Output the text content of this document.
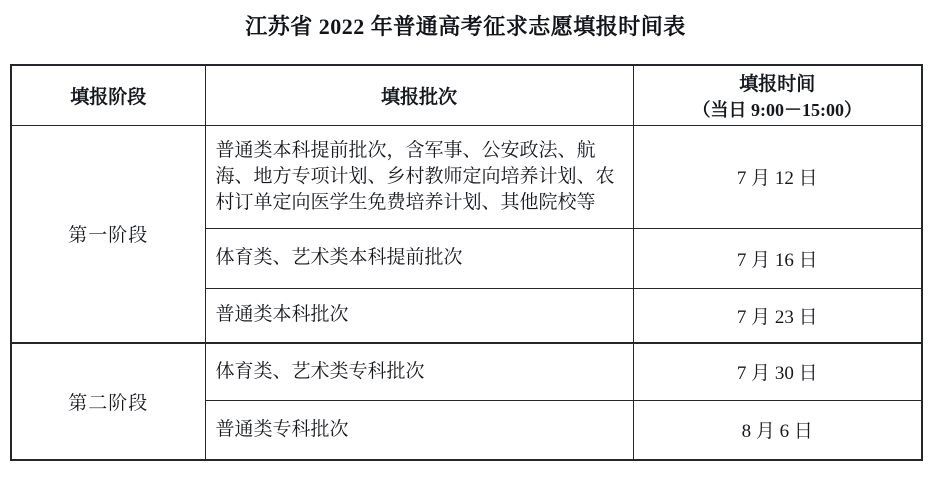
江苏省 2022 年普通高考征求志愿填报时间表
填报阶段	填报批次	填报时间
（当日 9:00－15:00）

第一阶段	普通类本科提前批次，含军事、公安政法、航海、地方专项计划、乡村教师定向培养计划、农村订单定向医学生免费培养计划、其他院校等	7 月 12 日
	体育类、艺术类本科提前批次	7 月 16 日
	普通类本科批次	7 月 23 日
第二阶段	体育类、艺术类专科批次	7 月 30 日
	普通类专科批次	8 月 6 日
